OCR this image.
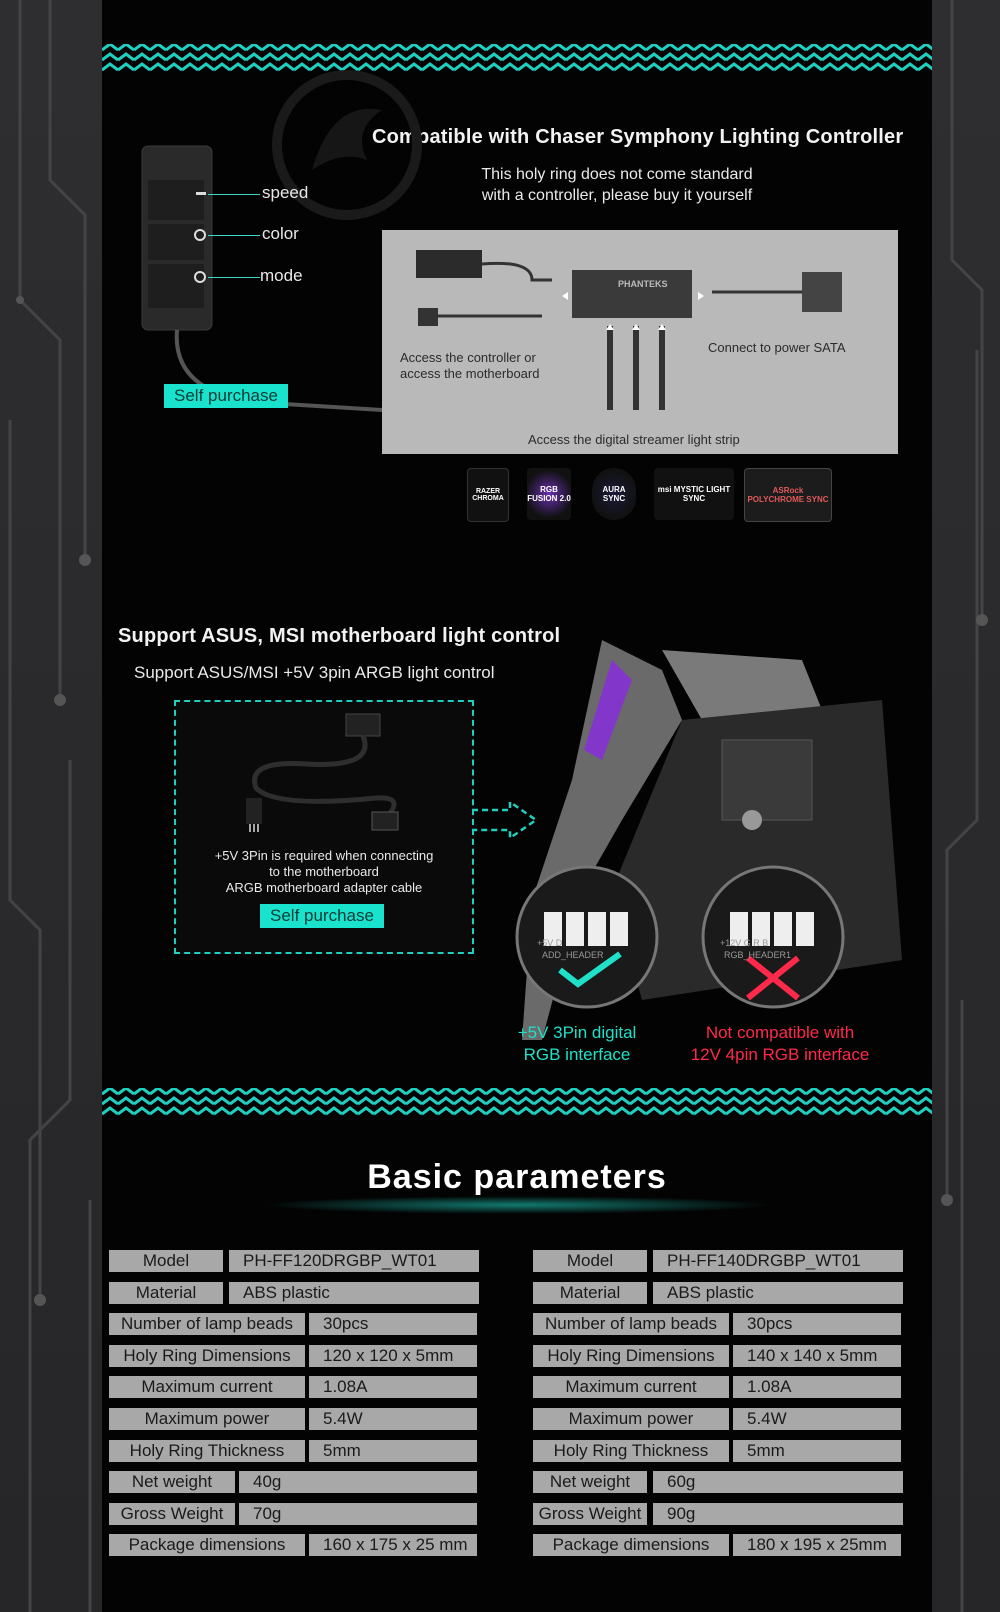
Compatible with Chaser Symphony Lighting Controller
This holy ring does not come standard
with a controller, please buy it yourself
speed
color
mode
Self purchase
PHANTEKS
Access the controller or
access the motherboard
Connect to power SATA
Access the digital streamer light strip
RAZER CHROMA
RGB FUSION 2.0
AURA SYNC
msi MYSTIC LIGHT SYNC
ASRock POLYCHROME SYNC
Support ASUS, MSI motherboard light control
Support ASUS/MSI +5V 3pin ARGB light control
+5V 3Pin is required when connecting
to the motherboard
ARGB motherboard adapter cable
Self purchase
+5V D
ADD_HEADER
+12V G R B
RGB_HEADER1
+5V 3Pin digital
RGB interface
Not compatible with
12V 4pin RGB interface
Basic parameters
Model	PH-FF120DRGBP_WT01
Material	ABS plastic
Number of lamp beads	30pcs
Holy Ring Dimensions	120 x 120 x 5mm
Maximum current	1.08A
Maximum power	5.4W
Holy Ring Thickness	5mm
Net weight	40g
Gross Weight	70g
Package dimensions	160 x 175 x 25 mm
Model	PH-FF140DRGBP_WT01
Material	ABS plastic
Number of lamp beads	30pcs
Holy Ring Dimensions	140 x 140 x 5mm
Maximum current	1.08A
Maximum power	5.4W
Holy Ring Thickness	5mm
Net weight	60g
Gross Weight	90g
Package dimensions	180 x 195 x 25mm
